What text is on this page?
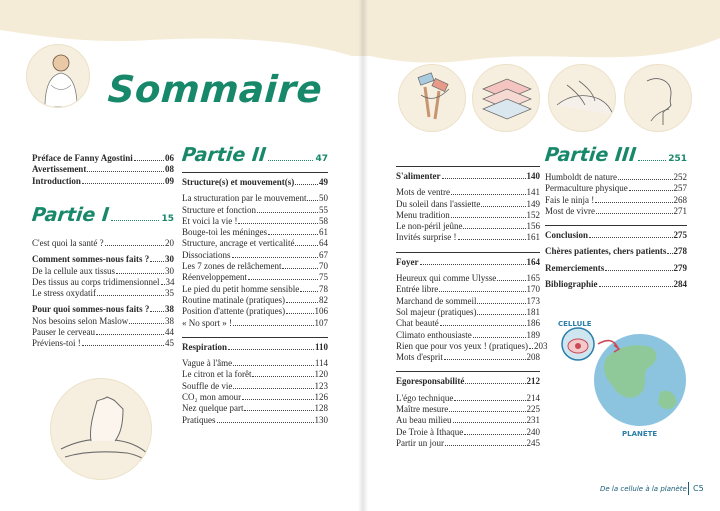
Sommaire
Préface de Fanny Agostini	06
Avertissement	08
Introduction	09
Partie I	15
C'est quoi la santé ?	20
Comment sommes-nous faits ? 30
De la cellule aux tissus	30
Des tissus au corps tridimensionnel 34
Le stress oxydatif	35
Pour quoi sommes-nous faits ? 38
Nos besoins selon Maslow	38
Pauser le cerveau	44
Préviens-toi !	45
Partie II	47
Structure(s) et mouvement(s)	49
La structuration par le mouvement 50
Structure et fonction	55
Et voici la vie !	58
Bouge-toi les méninges	61
Structure, ancrage et verticalité	64
Dissociations	67
Les 7 zones de relâchement	70
Réenveloppement	75
Le pied du petit homme sensible 78
Routine matinale (pratiques)	82
Position d'attente (pratiques)	106
« No sport » !	107
Respiration	110
Vague à l'âme	114
Le citron et la forêt	120
Souffle de vie	123
CO₂ mon amour	126
Nez quelque part	128
Pratiques	130
S'alimenter	140
Mots de ventre	141
Du soleil dans l'assiette	149
Menu tradition	152
Le non-péril jeûne	156
Invités surprise !	161
Foyer	164
Heureux qui comme Ulysse	165
Entrée libre	170
Marchand de sommeil	173
Sol majeur (pratiques)	181
Chat beauté	186
Climato enthousiaste	189
Rien que pour vos yeux ! (pratiques) 203
Mots d'esprit	208
Egoresponsabilité	212
L'égo technique	214
Maître mesure	225
Au beau milieu	231
De Troie à Ithaque	240
Partir un jour	245
Partie III	251
Humboldt de nature	252
Permaculture physique	257
Fais le ninja !	268
Most de vivre	271
Conclusion	275
Chères patientes, chers patients 278
Remerciements	279
Bibliographie	284
CELLULE
PLANÈTE
De la cellule à la planète C5
